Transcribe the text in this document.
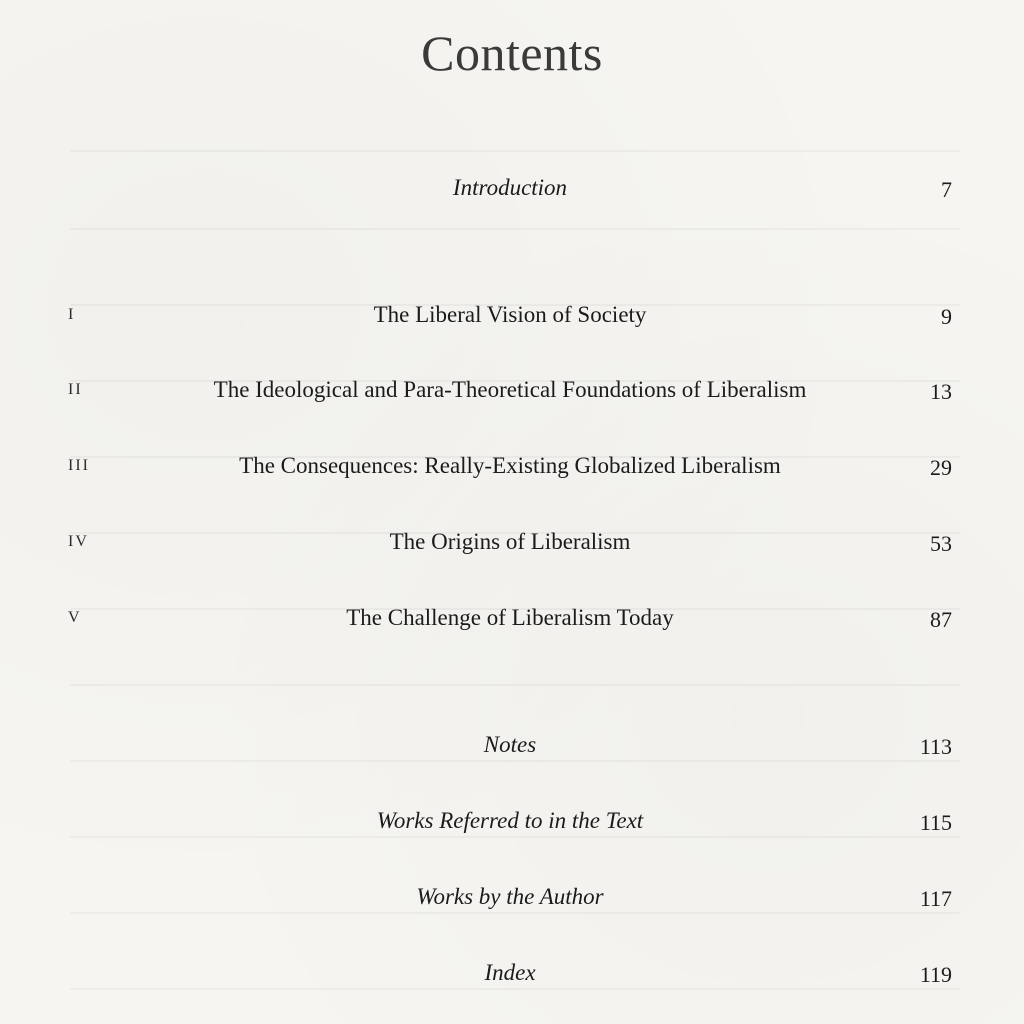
Contents
Introduction	7
I	The Liberal Vision of Society	9
II	The Ideological and Para-Theoretical Foundations of Liberalism	13
III	The Consequences: Really-Existing Globalized Liberalism	29
IV	The Origins of Liberalism	53
V	The Challenge of Liberalism Today	87
Notes	113
Works Referred to in the Text	115
Works by the Author	117
Index	119
